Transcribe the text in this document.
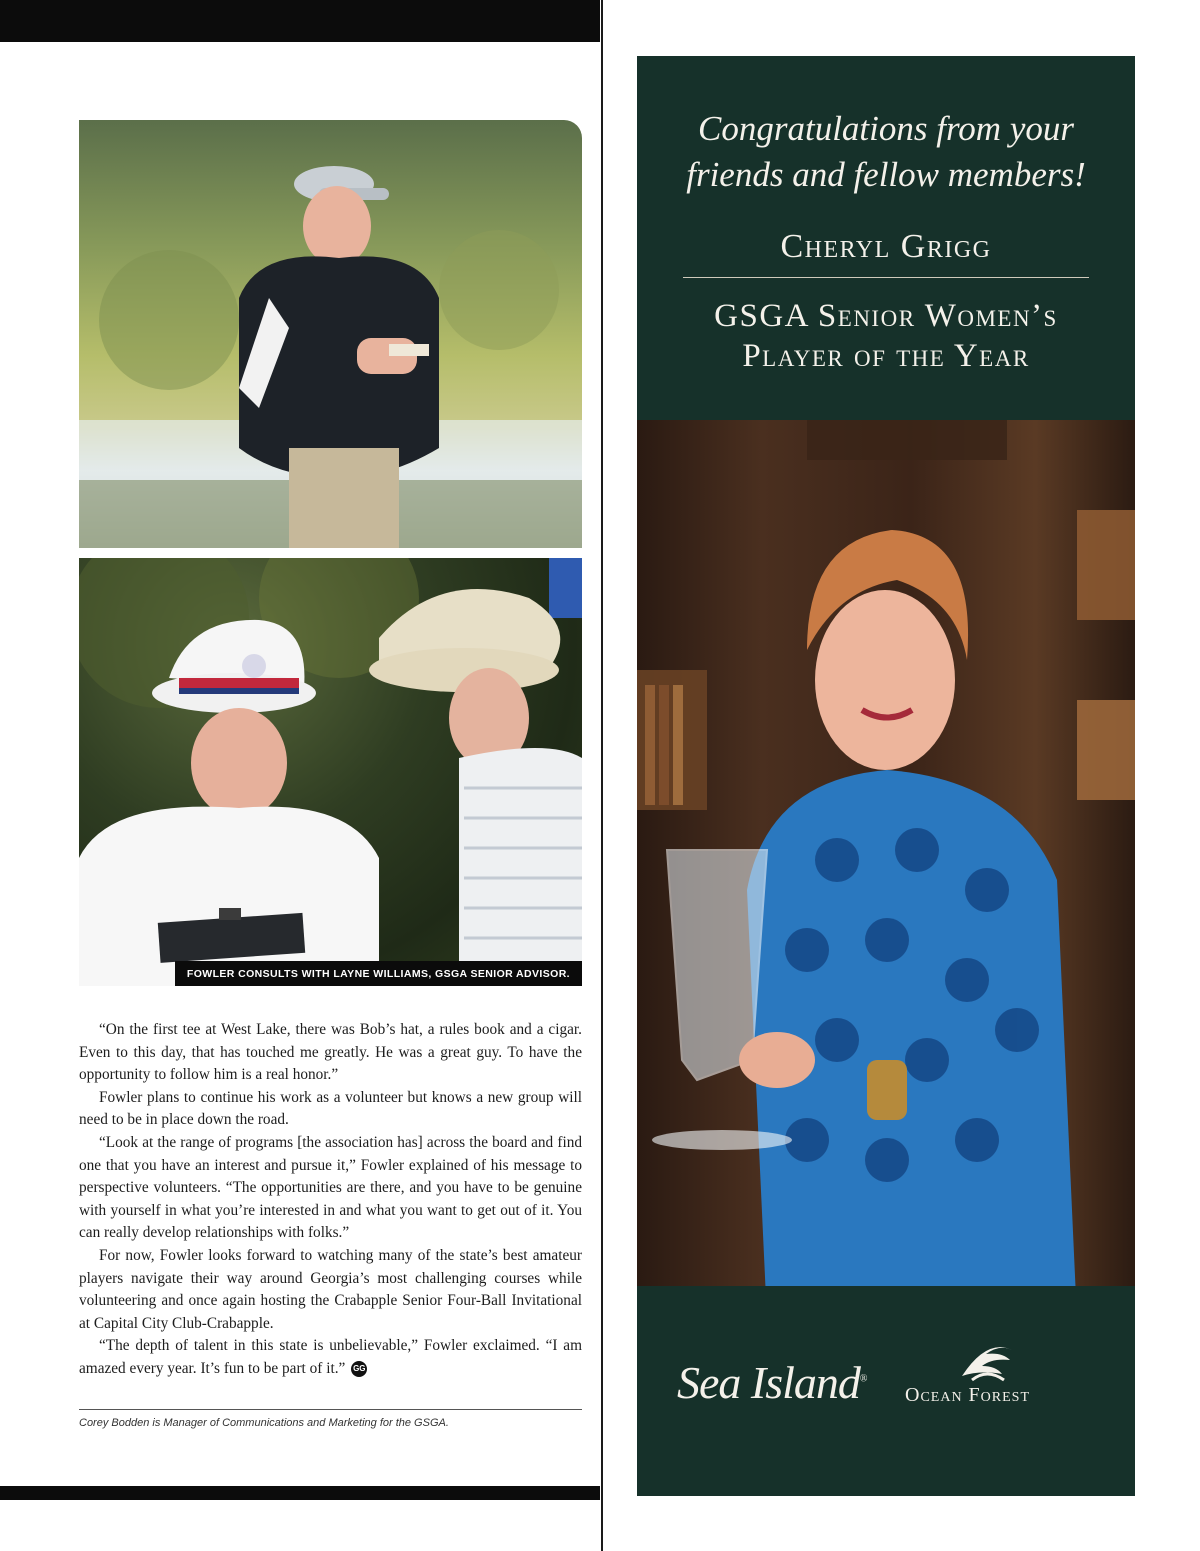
FOWLER CONSULTS WITH LAYNE WILLIAMS, GSGA SENIOR ADVISOR.

“On the first tee at West Lake, there was Bob’s hat, a rules book and a cigar. Even to this day, that has touched me greatly. He was a great guy. To have the opportunity to follow him is a real honor.”

Fowler plans to continue his work as a volunteer but knows a new group will need to be in place down the road.

“Look at the range of programs [the association has] across the board and find one that you have an interest and pursue it,” Fowler explained of his message to perspective volunteers. “The opportunities are there, and you have to be genuine with yourself in what you’re interested in and what you want to get out of it. You can really develop relationships with folks.”

For now, Fowler looks forward to watching many of the state’s best amateur players navigate their way around Georgia’s most challenging courses while volunteering and once again hosting the Crabapple Senior Four-Ball Invitational at Capital City Club-Crabapple.

“The depth of talent in this state is unbelievable,” Fowler exclaimed. “I am amazed every year. It’s fun to be part of it.” GG

Corey Bodden is Manager of Communications and Marketing for the GSGA.
Congratulations from your
friends and fellow members!
Cheryl Grigg
GSGA Senior Women’s
Player of the Year
Sea Island®
Ocean Forest
